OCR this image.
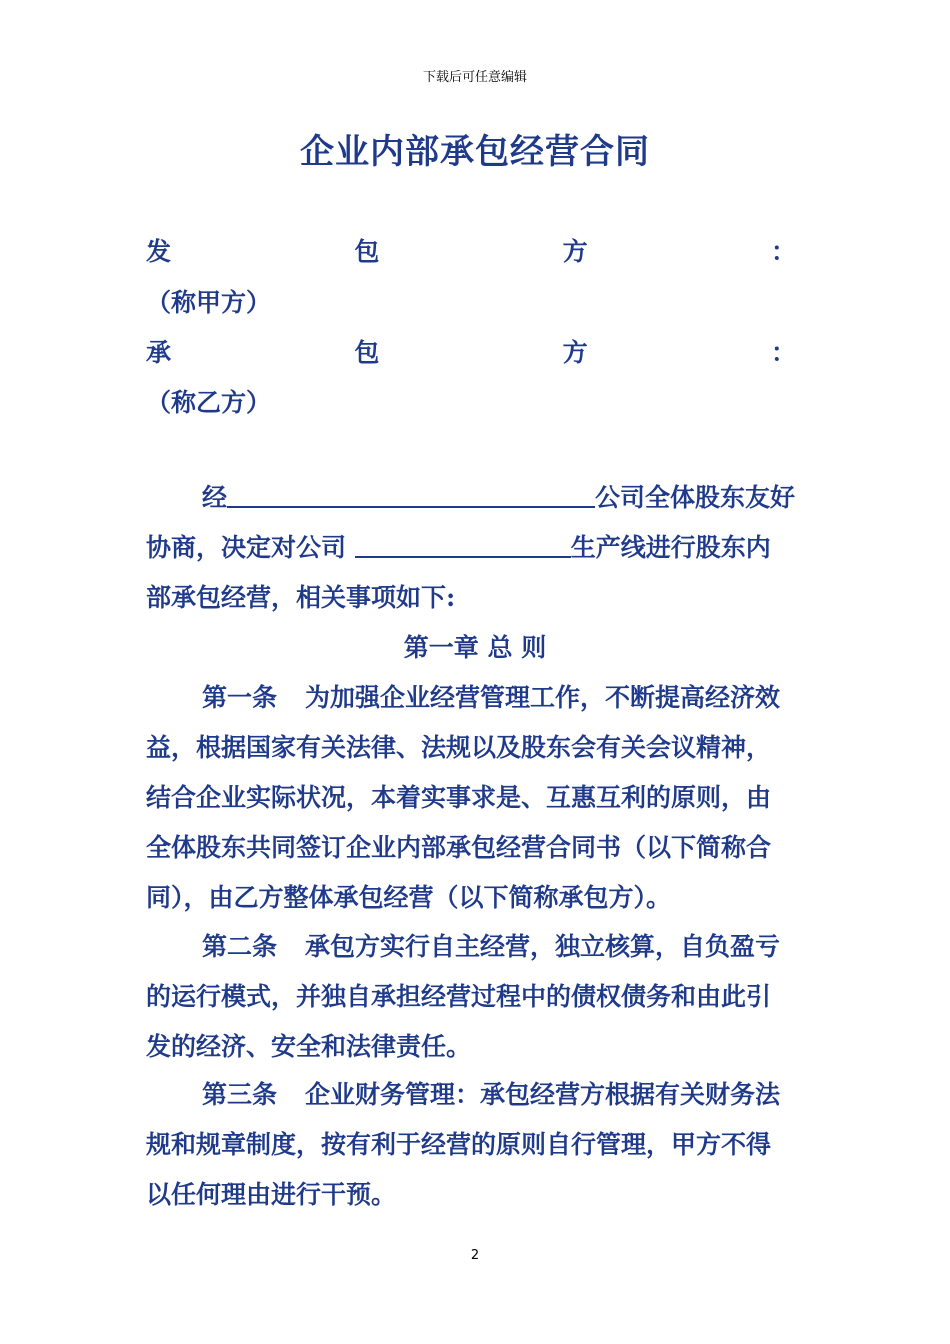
下载后可任意编辑
企业内部承包经营合同
发	包	方	：
（称甲方）
承	包	方	：
（称乙方）
经	公司全体股东友好
协商，决定对公司	生产线进行股东内
部承包经营，相关事项如下:
第一章 总 则
第一条 为加强企业经营管理工作，不断提高经济效
益，根据国家有关法律、法规以及股东会有关会议精神，
结合企业实际状况，本着实事求是、互惠互利的原则，由
全体股东共同签订企业内部承包经营合同书（以下简称合
同），由乙方整体承包经营（以下简称承包方）。
第二条 承包方实行自主经营，独立核算，自负盈亏
的运行模式，并独自承担经营过程中的债权债务和由此引
发的经济、安全和法律责任。
第三条 企业财务管理：承包经营方根据有关财务法
规和规章制度，按有利于经营的原则自行管理，甲方不得
以任何理由进行干预。
2
